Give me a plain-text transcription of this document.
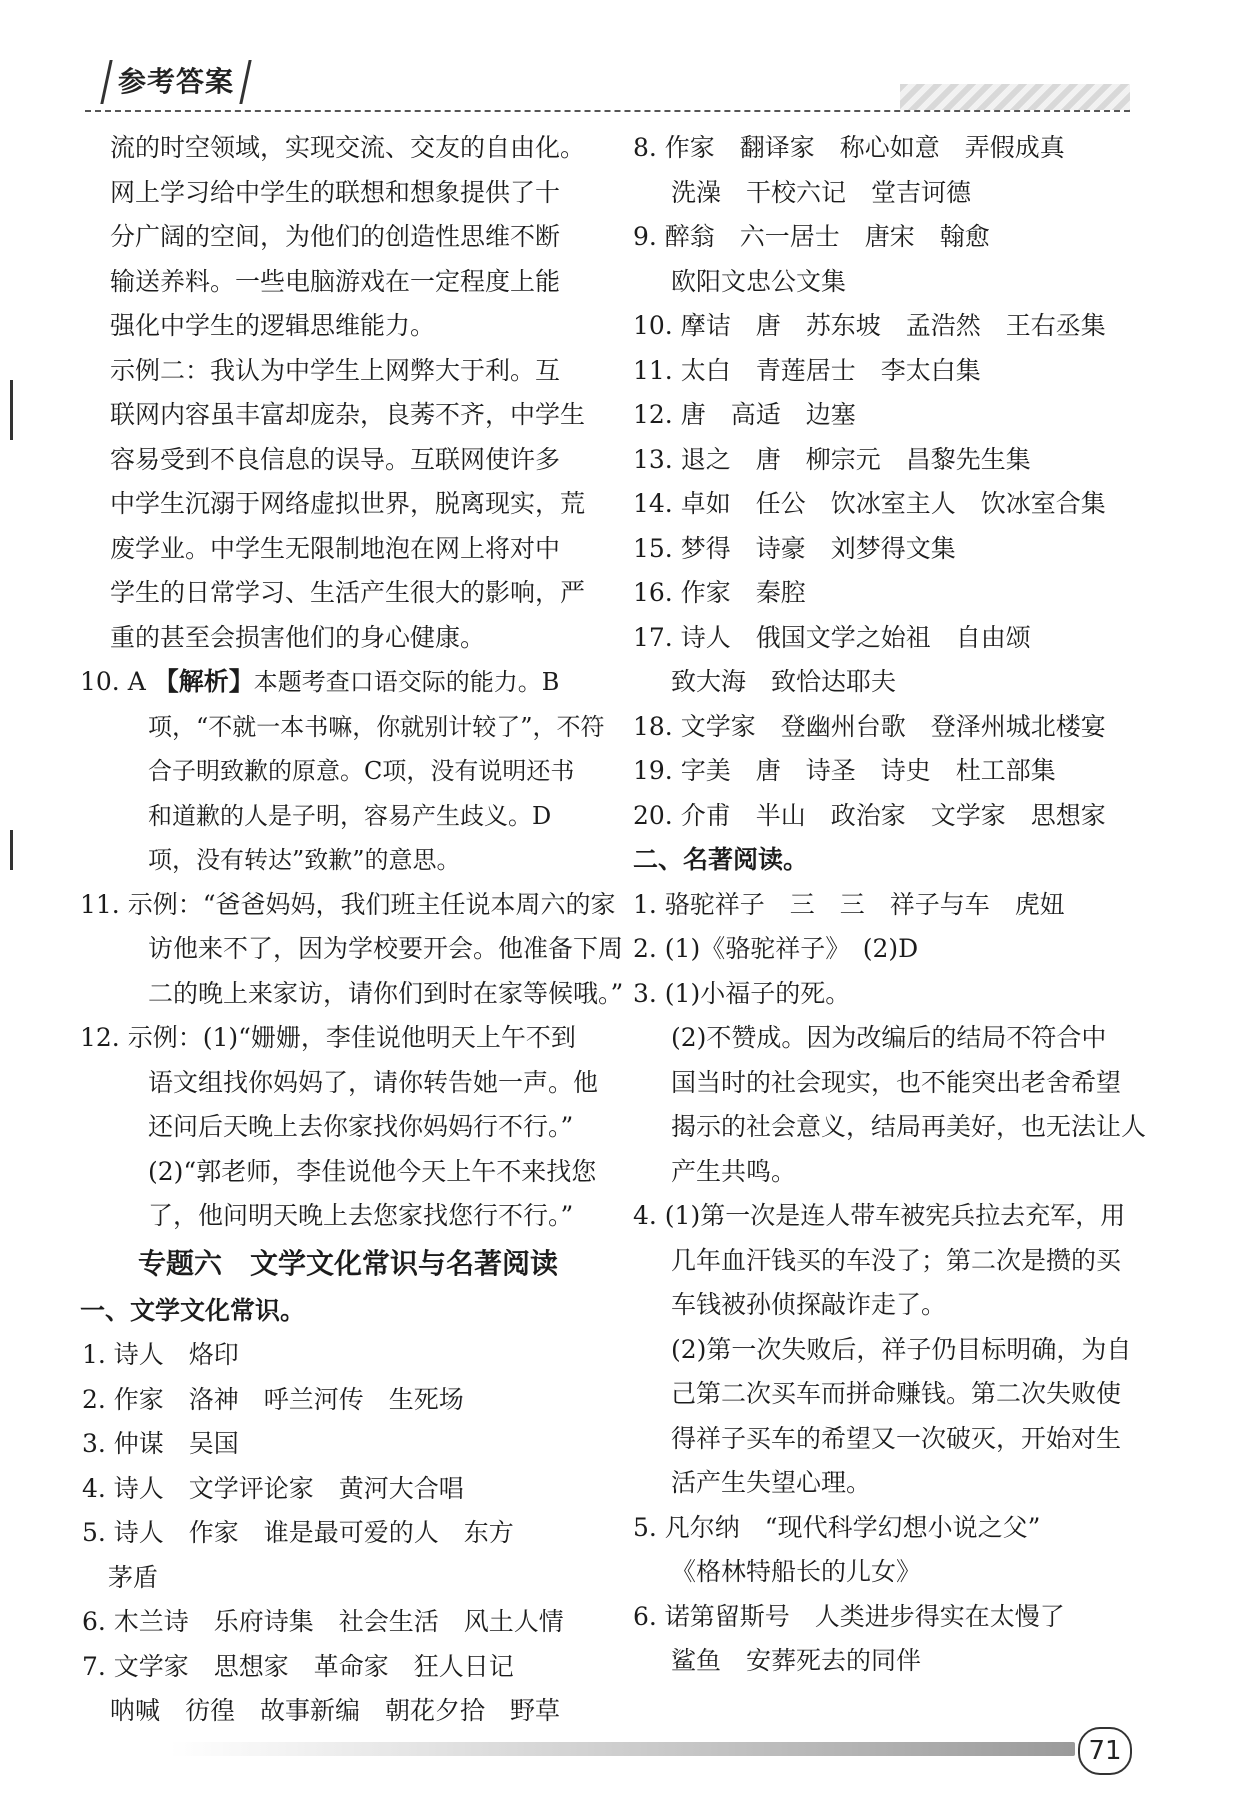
参考答案
流的时空领域，实现交流、交友的自由化。
网上学习给中学生的联想和想象提供了十
分广阔的空间，为他们的创造性思维不断
输送养料。一些电脑游戏在一定程度上能
强化中学生的逻辑思维能力。
示例二：我认为中学生上网弊大于利。互
联网内容虽丰富却庞杂，良莠不齐，中学生
容易受到不良信息的误导。互联网使许多
中学生沉溺于网络虚拟世界，脱离现实，荒
废学业。中学生无限制地泡在网上将对中
学生的日常学习、生活产生很大的影响，严
重的甚至会损害他们的身心健康。
10. A 【解析】本题考查口语交际的能力。B
项，“不就一本书嘛，你就别计较了”，不符
合子明致歉的原意。C项，没有说明还书
和道歉的人是子明，容易产生歧义。D
项，没有转达”致歉”的意思。
11. 示例：“爸爸妈妈，我们班主任说本周六的家
访他来不了，因为学校要开会。他准备下周
二的晚上来家访，请你们到时在家等候哦。”
12. 示例：(1)“姗姗，李佳说他明天上午不到
语文组找你妈妈了，请你转告她一声。他
还问后天晚上去你家找你妈妈行不行。”
(2)“郭老师，李佳说他今天上午不来找您
了，他问明天晚上去您家找您行不行。”
专题六　文学文化常识与名著阅读
一、文学文化常识。
1. 诗人　烙印
2. 作家　洛神　呼兰河传　生死场
3. 仲谋　吴国
4. 诗人　文学评论家　黄河大合唱
5. 诗人　作家　谁是最可爱的人　东方
茅盾
6. 木兰诗　乐府诗集　社会生活　风土人情
7. 文学家　思想家　革命家　狂人日记
呐喊　彷徨　故事新编　朝花夕拾　野草
8. 作家　翻译家　称心如意　弄假成真
洗澡　干校六记　堂吉诃德
9. 醉翁　六一居士　唐宋　翰愈
欧阳文忠公文集
10. 摩诘　唐　苏东坡　孟浩然　王右丞集
11. 太白　青莲居士　李太白集
12. 唐　高适　边塞
13. 退之　唐　柳宗元　昌黎先生集
14. 卓如　任公　饮冰室主人　饮冰室合集
15. 梦得　诗豪　刘梦得文集
16. 作家　秦腔
17. 诗人　俄国文学之始祖　自由颂
致大海　致恰达耶夫
18. 文学家　登幽州台歌　登泽州城北楼宴
19. 字美　唐　诗圣　诗史　杜工部集
20. 介甫　半山　政治家　文学家　思想家
二、名著阅读。
1. 骆驼祥子　三　三　祥子与车　虎妞
2. (1)《骆驼祥子》　(2)D
3. (1)小福子的死。
(2)不赞成。因为改编后的结局不符合中
国当时的社会现实，也不能突出老舍希望
揭示的社会意义，结局再美好，也无法让人
产生共鸣。
4. (1)第一次是连人带车被宪兵拉去充军，用
几年血汗钱买的车没了；第二次是攒的买
车钱被孙侦探敲诈走了。
(2)第一次失败后，祥子仍目标明确，为自
己第二次买车而拼命赚钱。第二次失败使
得祥子买车的希望又一次破灭，开始对生
活产生失望心理。
5. 凡尔纳　“现代科学幻想小说之父”
《格林特船长的儿女》
6. 诺第留斯号　人类进步得实在太慢了
鲨鱼　安葬死去的同伴
71
